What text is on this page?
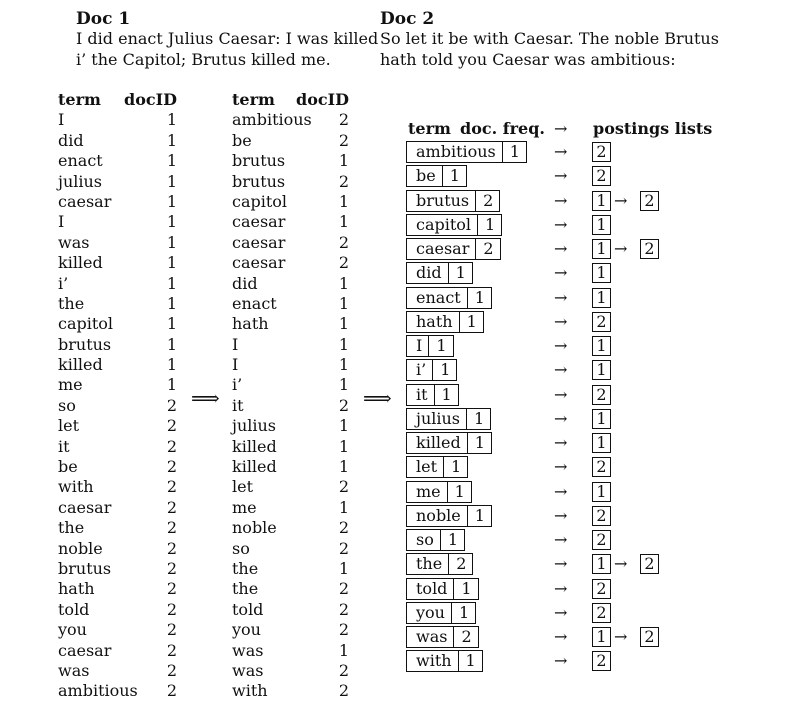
Doc 1
I did enact Julius Caesar: I was killed
i’ the Capitol; Brutus killed me.
Doc 2
So let it be with Caesar. The noble Brutus
hath told you Caesar was ambitious:
term docID
I	1
did	1
enact	1
julius	1
caesar	1
I	1
was	1
killed	1
i’	1
the	1
capitol	1
brutus	1
killed	1
me	1
so	2
let	2
it	2
be	2
with	2
caesar	2
the	2
noble	2
brutus	2
hath	2
told	2
you	2
caesar	2
was	2
ambitious 2
term docID
ambitious 2
be	2
brutus	1
brutus	2
capitol	1
caesar	1
caesar	2
caesar	2
did	1
enact	1
hath	1
I	1
I	1
i’	1
it	2
julius	1
killed	1
killed	1
let	2
me	1
noble	2
so	2
the	1
the	2
told	2
you	2
was	1
was	2
with	2
⟹	⟹
term doc. freq. → postings lists
ambitious 1	→ 2
be 1	→ 2
brutus 2	→ 1 → 2
capitol 1	→ 1
caesar 2	→ 1 → 2
did 1	→ 1
enact 1	→ 1
hath 1	→ 2
I 1	→ 1
i’ 1	→ 1
it 1	→ 2
julius 1	→ 1
killed 1	→ 1
let 1	→ 2
me 1	→ 1
noble 1	→ 2
so 1	→ 2
the 2	→ 1 → 2
told 1	→ 2
you 1	→ 2
was 2	→ 1 → 2
with 1	→ 2
